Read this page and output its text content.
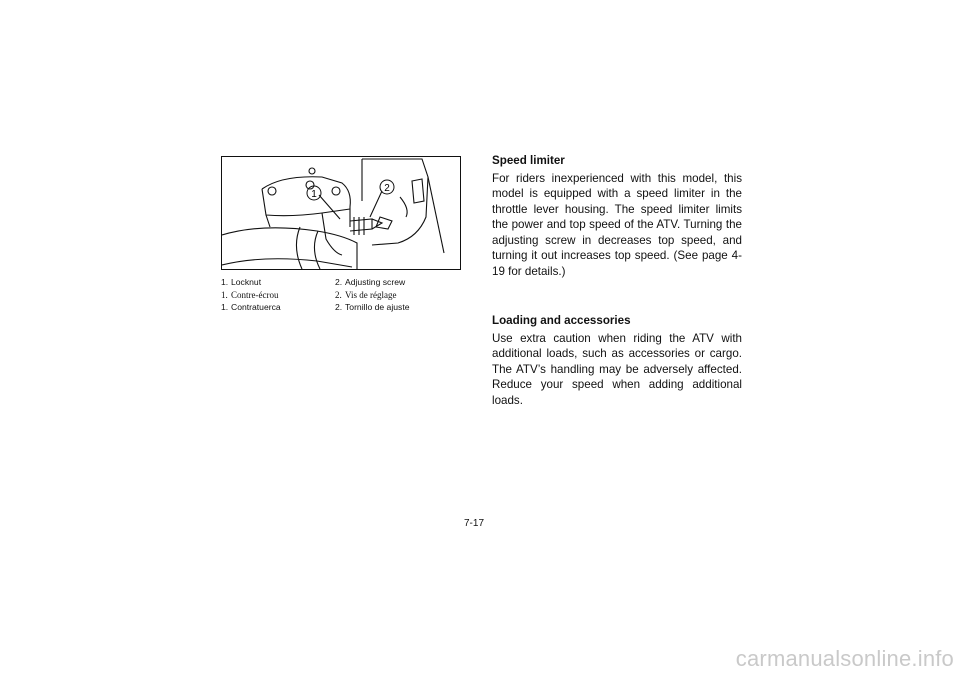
1
2
1. Locknut	2. Adjusting screw
1. Contre-écrou	2. Vis de réglage
1. Contratuerca	2. Tornillo de ajuste

Speed limiter

For riders inexperienced with this model, this model is equipped with a speed limiter in the throttle lever housing. The speed limiter limits the power and top speed of the ATV. Turning the adjusting screw in decreases top speed, and turning it out increases top speed. (See page 4-19 for details.)

Loading and accessories

Use extra caution when riding the ATV with additional loads, such as accessories or cargo. The ATV’s handling may be adversely affected. Reduce your speed when adding additional loads.

7-17
carmanualsonline.info
